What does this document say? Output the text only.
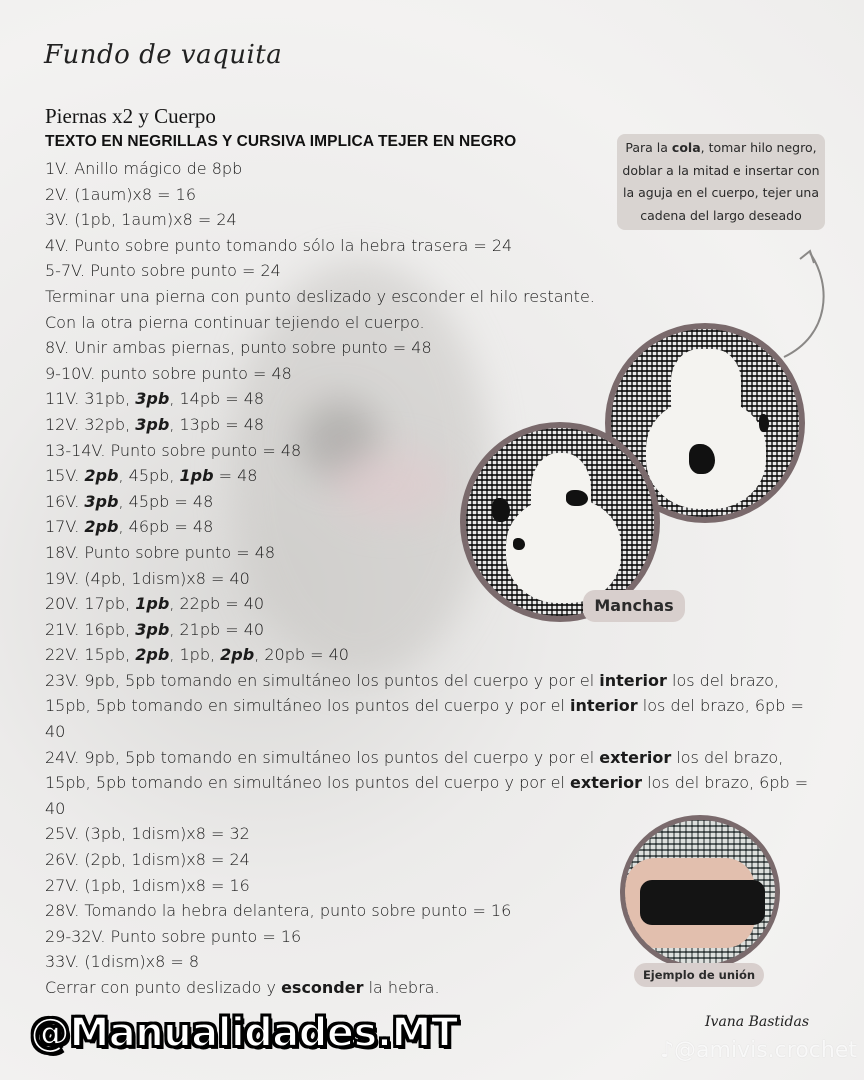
Fundo de vaquita
Piernas x2 y Cuerpo
TEXTO EN NEGRILLAS Y CURSIVA IMPLICA TEJER EN NEGRO
1V. Anillo mágico de 8pb
2V. (1aum)x8 = 16
3V. (1pb, 1aum)x8 = 24
4V. Punto sobre punto tomando sólo la hebra trasera = 24
5-7V. Punto sobre punto = 24
Terminar una pierna con punto deslizado y esconder el hilo restante.
Con la otra pierna continuar tejiendo el cuerpo.
8V. Unir ambas piernas, punto sobre punto = 48
9-10V. punto sobre punto = 48
11V. 31pb, 3pb, 14pb = 48
12V. 32pb, 3pb, 13pb = 48
13-14V. Punto sobre punto = 48
15V. 2pb, 45pb, 1pb = 48
16V. 3pb, 45pb = 48
17V. 2pb, 46pb = 48
18V. Punto sobre punto = 48
19V. (4pb, 1dism)x8 = 40
20V. 17pb, 1pb, 22pb = 40
21V. 16pb, 3pb, 21pb = 40
22V. 15pb, 2pb, 1pb, 2pb, 20pb = 40
23V. 9pb, 5pb tomando en simultáneo los puntos del cuerpo y por el interior los del brazo, 15pb, 5pb tomando en simultáneo los puntos del cuerpo y por el interior los del brazo, 6pb = 40
24V. 9pb, 5pb tomando en simultáneo los puntos del cuerpo y por el exterior los del brazo, 15pb, 5pb tomando en simultáneo los puntos del cuerpo y por el exterior los del brazo, 6pb = 40
25V. (3pb, 1dism)x8 = 32
26V. (2pb, 1dism)x8 = 24
27V. (1pb, 1dism)x8 = 16
28V. Tomando la hebra delantera, punto sobre punto = 16
29-32V. Punto sobre punto = 16
33V. (1dism)x8 = 8
Cerrar con punto deslizado y esconder la hebra.
Para la cola, tomar hilo negro, doblar a la mitad e insertar con la aguja en el cuerpo, tejer una cadena del largo deseado
Manchas
Ejemplo de unión
@Manualidades.MT	Ivana Bastidas
♪@amivis.crochet
